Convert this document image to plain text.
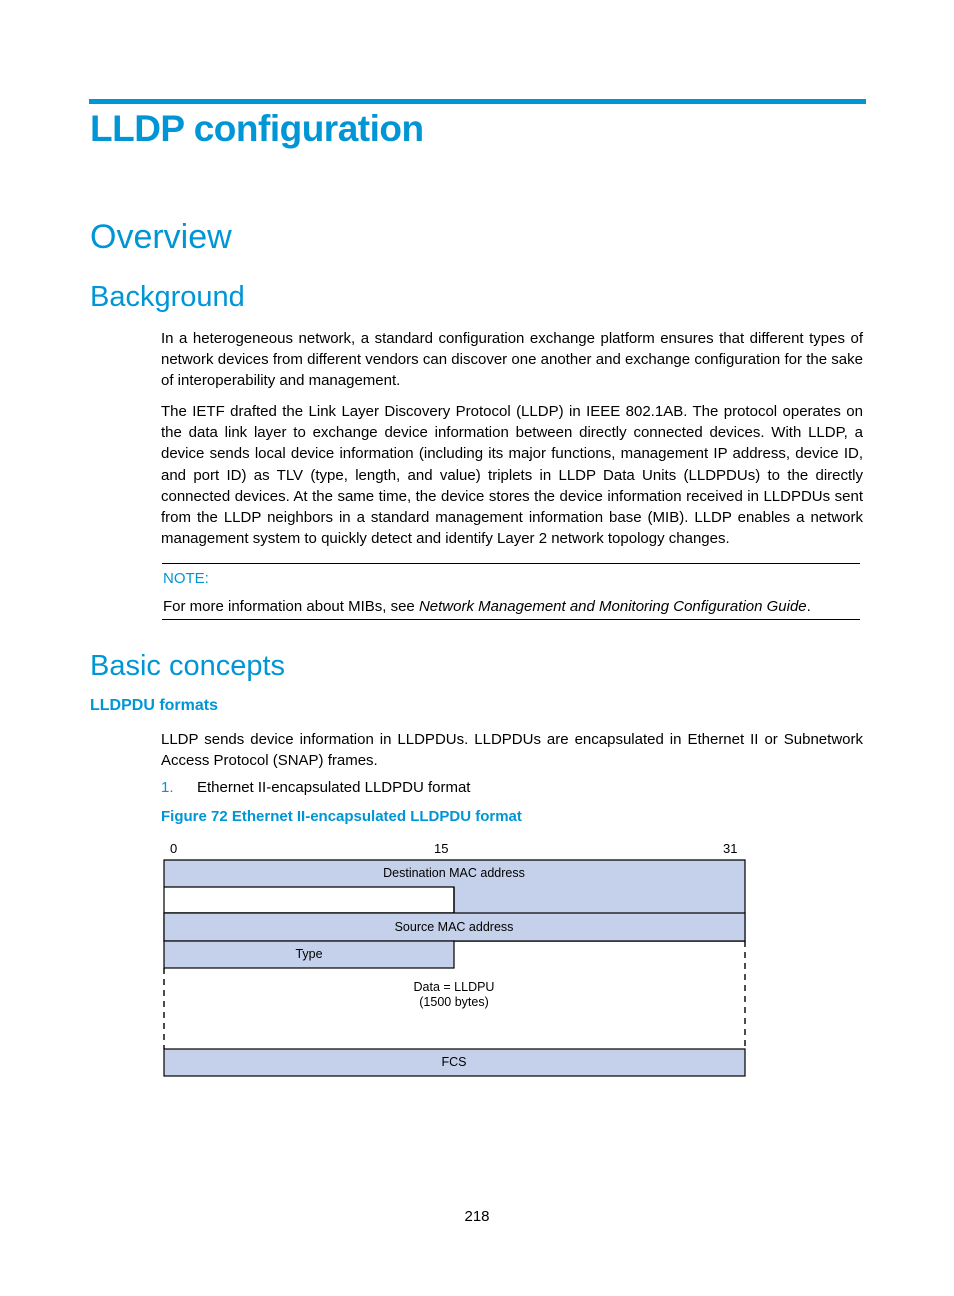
LLDP configuration
Overview
Background

In a heterogeneous network, a standard configuration exchange platform ensures that different types of network devices from different vendors can discover one another and exchange configuration for the sake of interoperability and management.

The IETF drafted the Link Layer Discovery Protocol (LLDP) in IEEE 802.1AB. The protocol operates on the data link layer to exchange device information between directly connected devices. With LLDP, a device sends local device information (including its major functions, management IP address, device ID, and port ID) as TLV (type, length, and value) triplets in LLDP Data Units (LLDPDUs) to the directly connected devices. At the same time, the device stores the device information received in LLDPDUs sent from the LLDP neighbors in a standard management information base (MIB). LLDP enables a network management system to quickly detect and identify Layer 2 network topology changes.

NOTE:
For more information about MIBs, see Network Management and Monitoring Configuration Guide.
Basic concepts
LLDPDU formats

LLDP sends device information in LLDPDUs. LLDPDUs are encapsulated in Ethernet II or Subnetwork Access Protocol (SNAP) frames.

1. Ethernet II-encapsulated LLDPDU format
Figure 72 Ethernet II-encapsulated LLDPDU format
0	15	31
Destination MAC address
Source MAC address
Type
Data = LLDPU
(1500 bytes)
FCS
218
